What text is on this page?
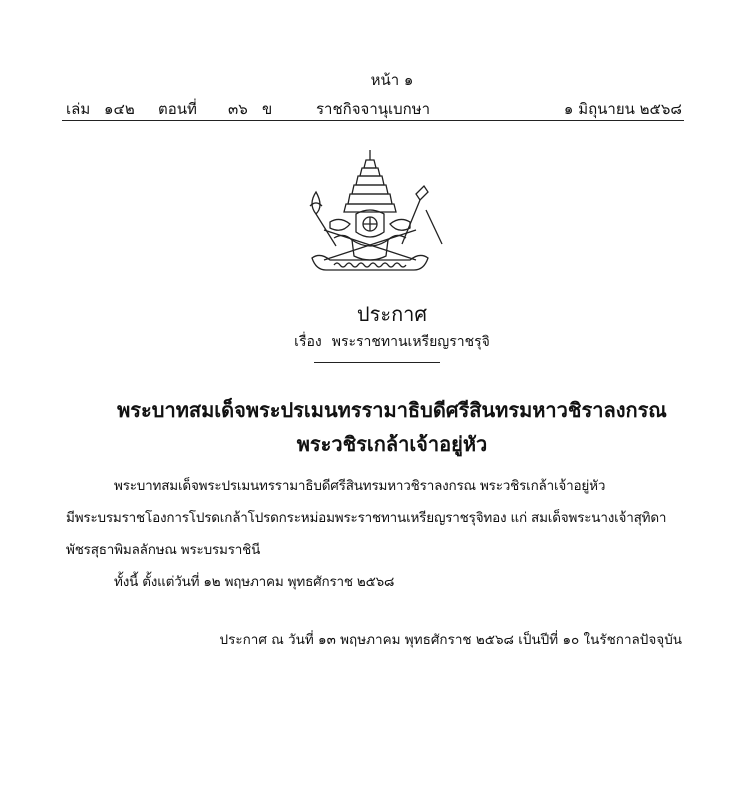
หน้า ๑
เล่ม ๑๔๒ ตอนที่ ๓๖ ข	ราชกิจจานุเบกษา	๑ มิถุนายน ๒๕๖๘
ประกาศ
เรื่อง พระราชทานเหรียญราชรุจิ
พระบาทสมเด็จพระปรเมนทรรามาธิบดีศรีสินทรมหาวชิราลงกรณ
พระวชิรเกล้าเจ้าอยู่หัว
พระบาทสมเด็จพระปรเมนทรรามาธิบดีศรีสินทรมหาวชิราลงกรณ พระวชิรเกล้าเจ้าอยู่หัว
มีพระบรมราชโองการโปรดเกล้าโปรดกระหม่อมพระราชทานเหรียญราชรุจิทอง แก่ สมเด็จพระนางเจ้าสุทิดา
พัชรสุธาพิมลลักษณ พระบรมราชินี
ทั้งนี้ ตั้งแต่วันที่ ๑๒ พฤษภาคม พุทธศักราช ๒๕๖๘
ประกาศ ณ วันที่ ๑๓ พฤษภาคม พุทธศักราช ๒๕๖๘ เป็นปีที่ ๑๐ ในรัชกาลปัจจุบัน
